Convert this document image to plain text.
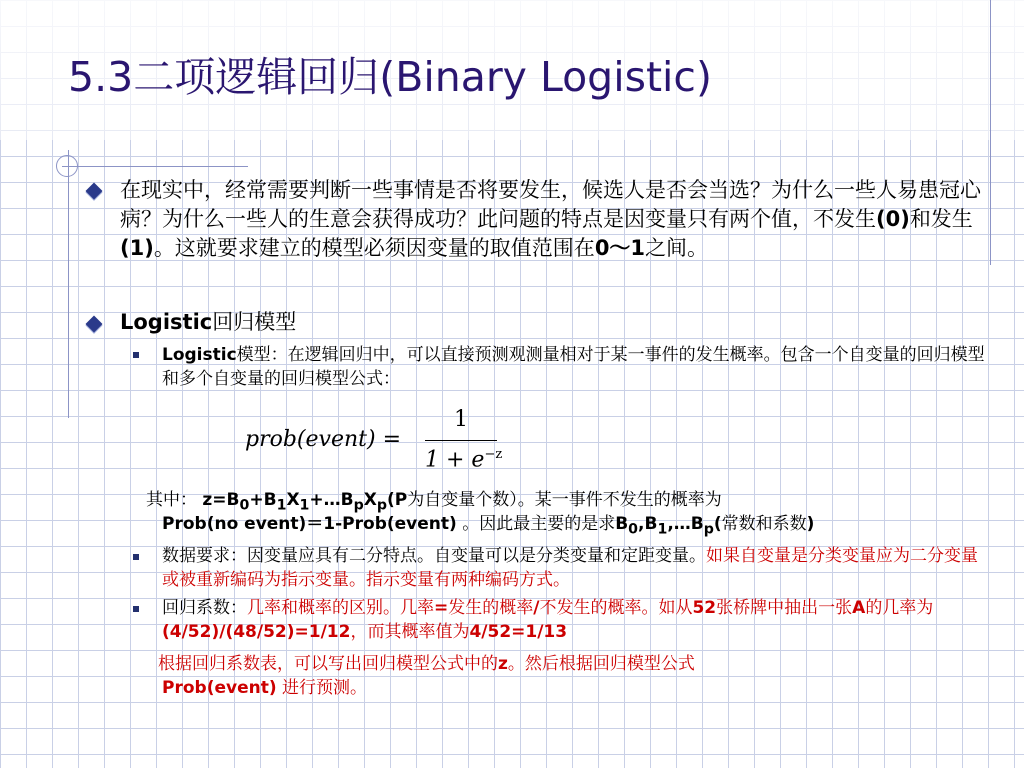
5.3二项逻辑回归(Binary Logistic)
在现实中，经常需要判断一些事情是否将要发生，候选人是否会当选？为什么一些人易患冠心病？为什么一些人的生意会获得成功？此问题的特点是因变量只有两个值，不发生(0)和发生(1)。这就要求建立的模型必须因变量的取值范围在0～1之间。
Logistic回归模型
Logistic模型：在逻辑回归中，可以直接预测观测量相对于某一事件的发生概率。包含一个自变量的回归模型和多个自变量的回归模型公式：
prob(event) =
1
$1 + e^{-z}$
其中： $z=B_0+B_1X_1+\dots B_pX_p(P$为自变量个数）。某一事件不发生的概率为
Prob(no event)＝1-Prob(event) 。因此最主要的是求$B_0,B_1,\dots B_p$(常数和系数)
数据要求：因变量应具有二分特点。自变量可以是分类变量和定距变量。如果自变量是分类变量应为二分变量或被重新编码为指示变量。指示变量有两种编码方式。
回归系数：几率和概率的区别。几率=发生的概率/不发生的概率。如从52张桥牌中抽出一张A的几率为(4/52)/(48/52)=1/12，而其概率值为4/52=1/13
根据回归系数表，可以写出回归模型公式中的z。然后根据回归模型公式
Prob(event) 进行预测。
